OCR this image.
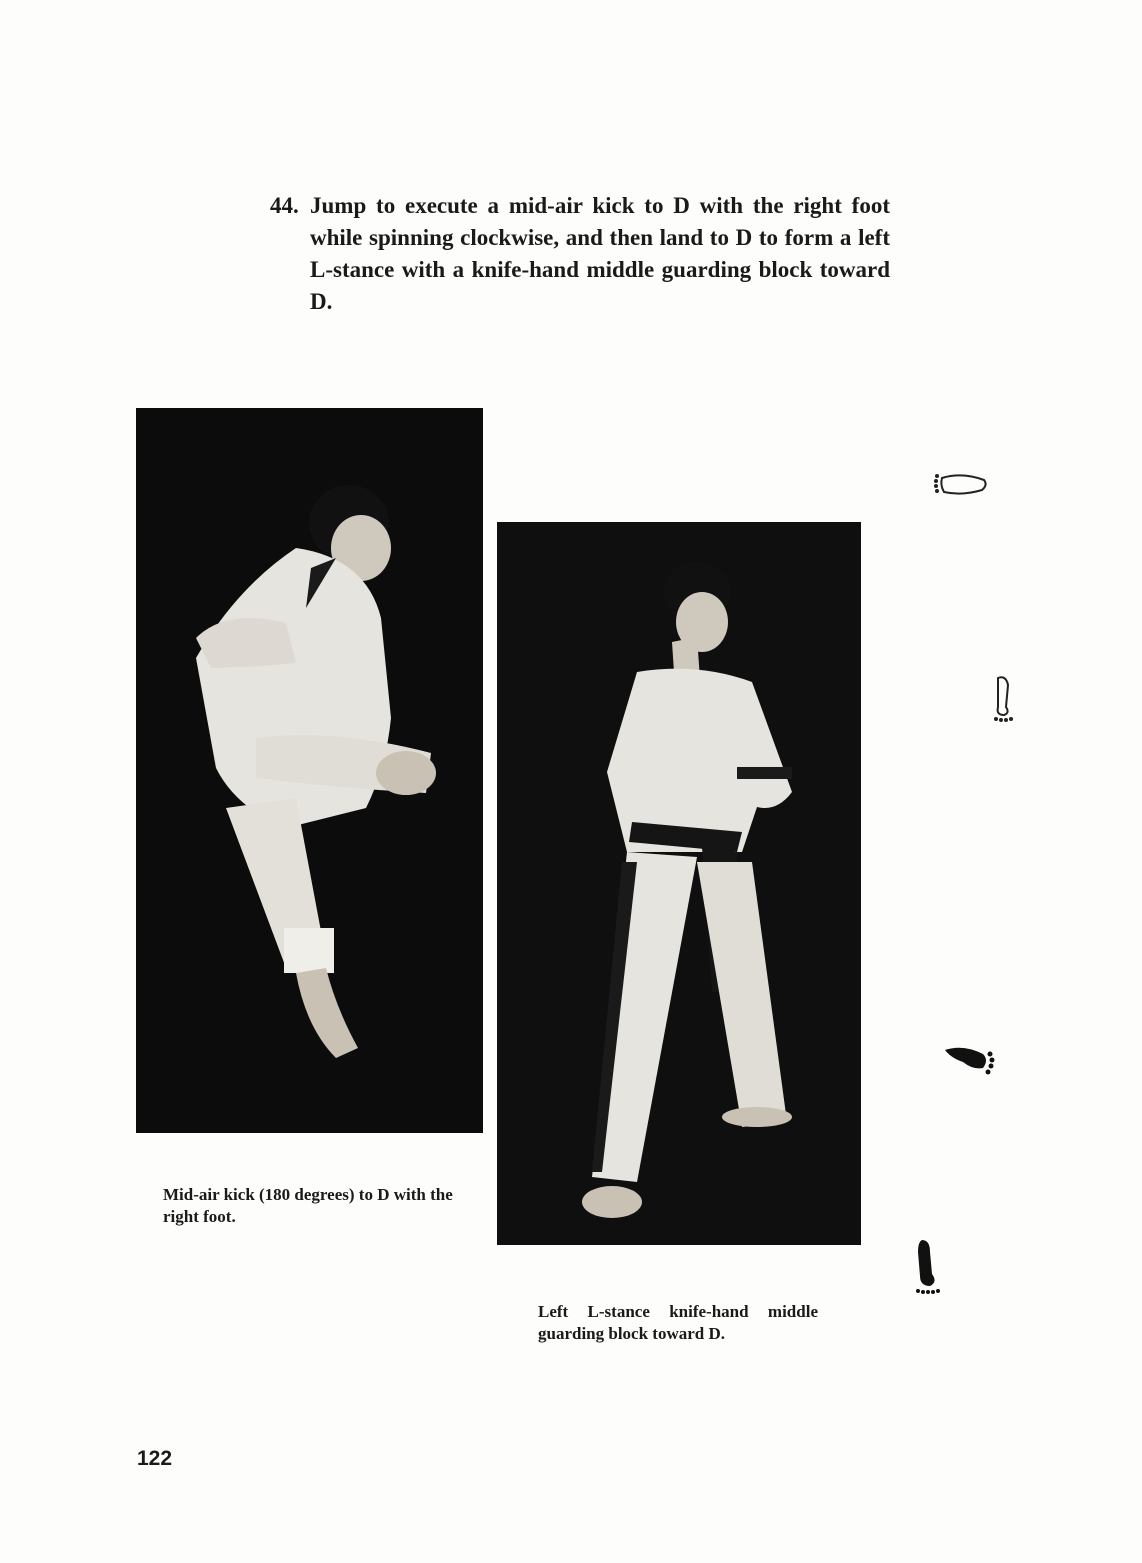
44. Jump to execute a mid-air kick to D with the right foot while spinning clockwise, and then land to D to form a left L-stance with a knife-hand middle guarding block toward D.
Mid-air kick (180 degrees) to D with the right foot.
Left L-stance knife-hand middle guarding block toward D.
122
